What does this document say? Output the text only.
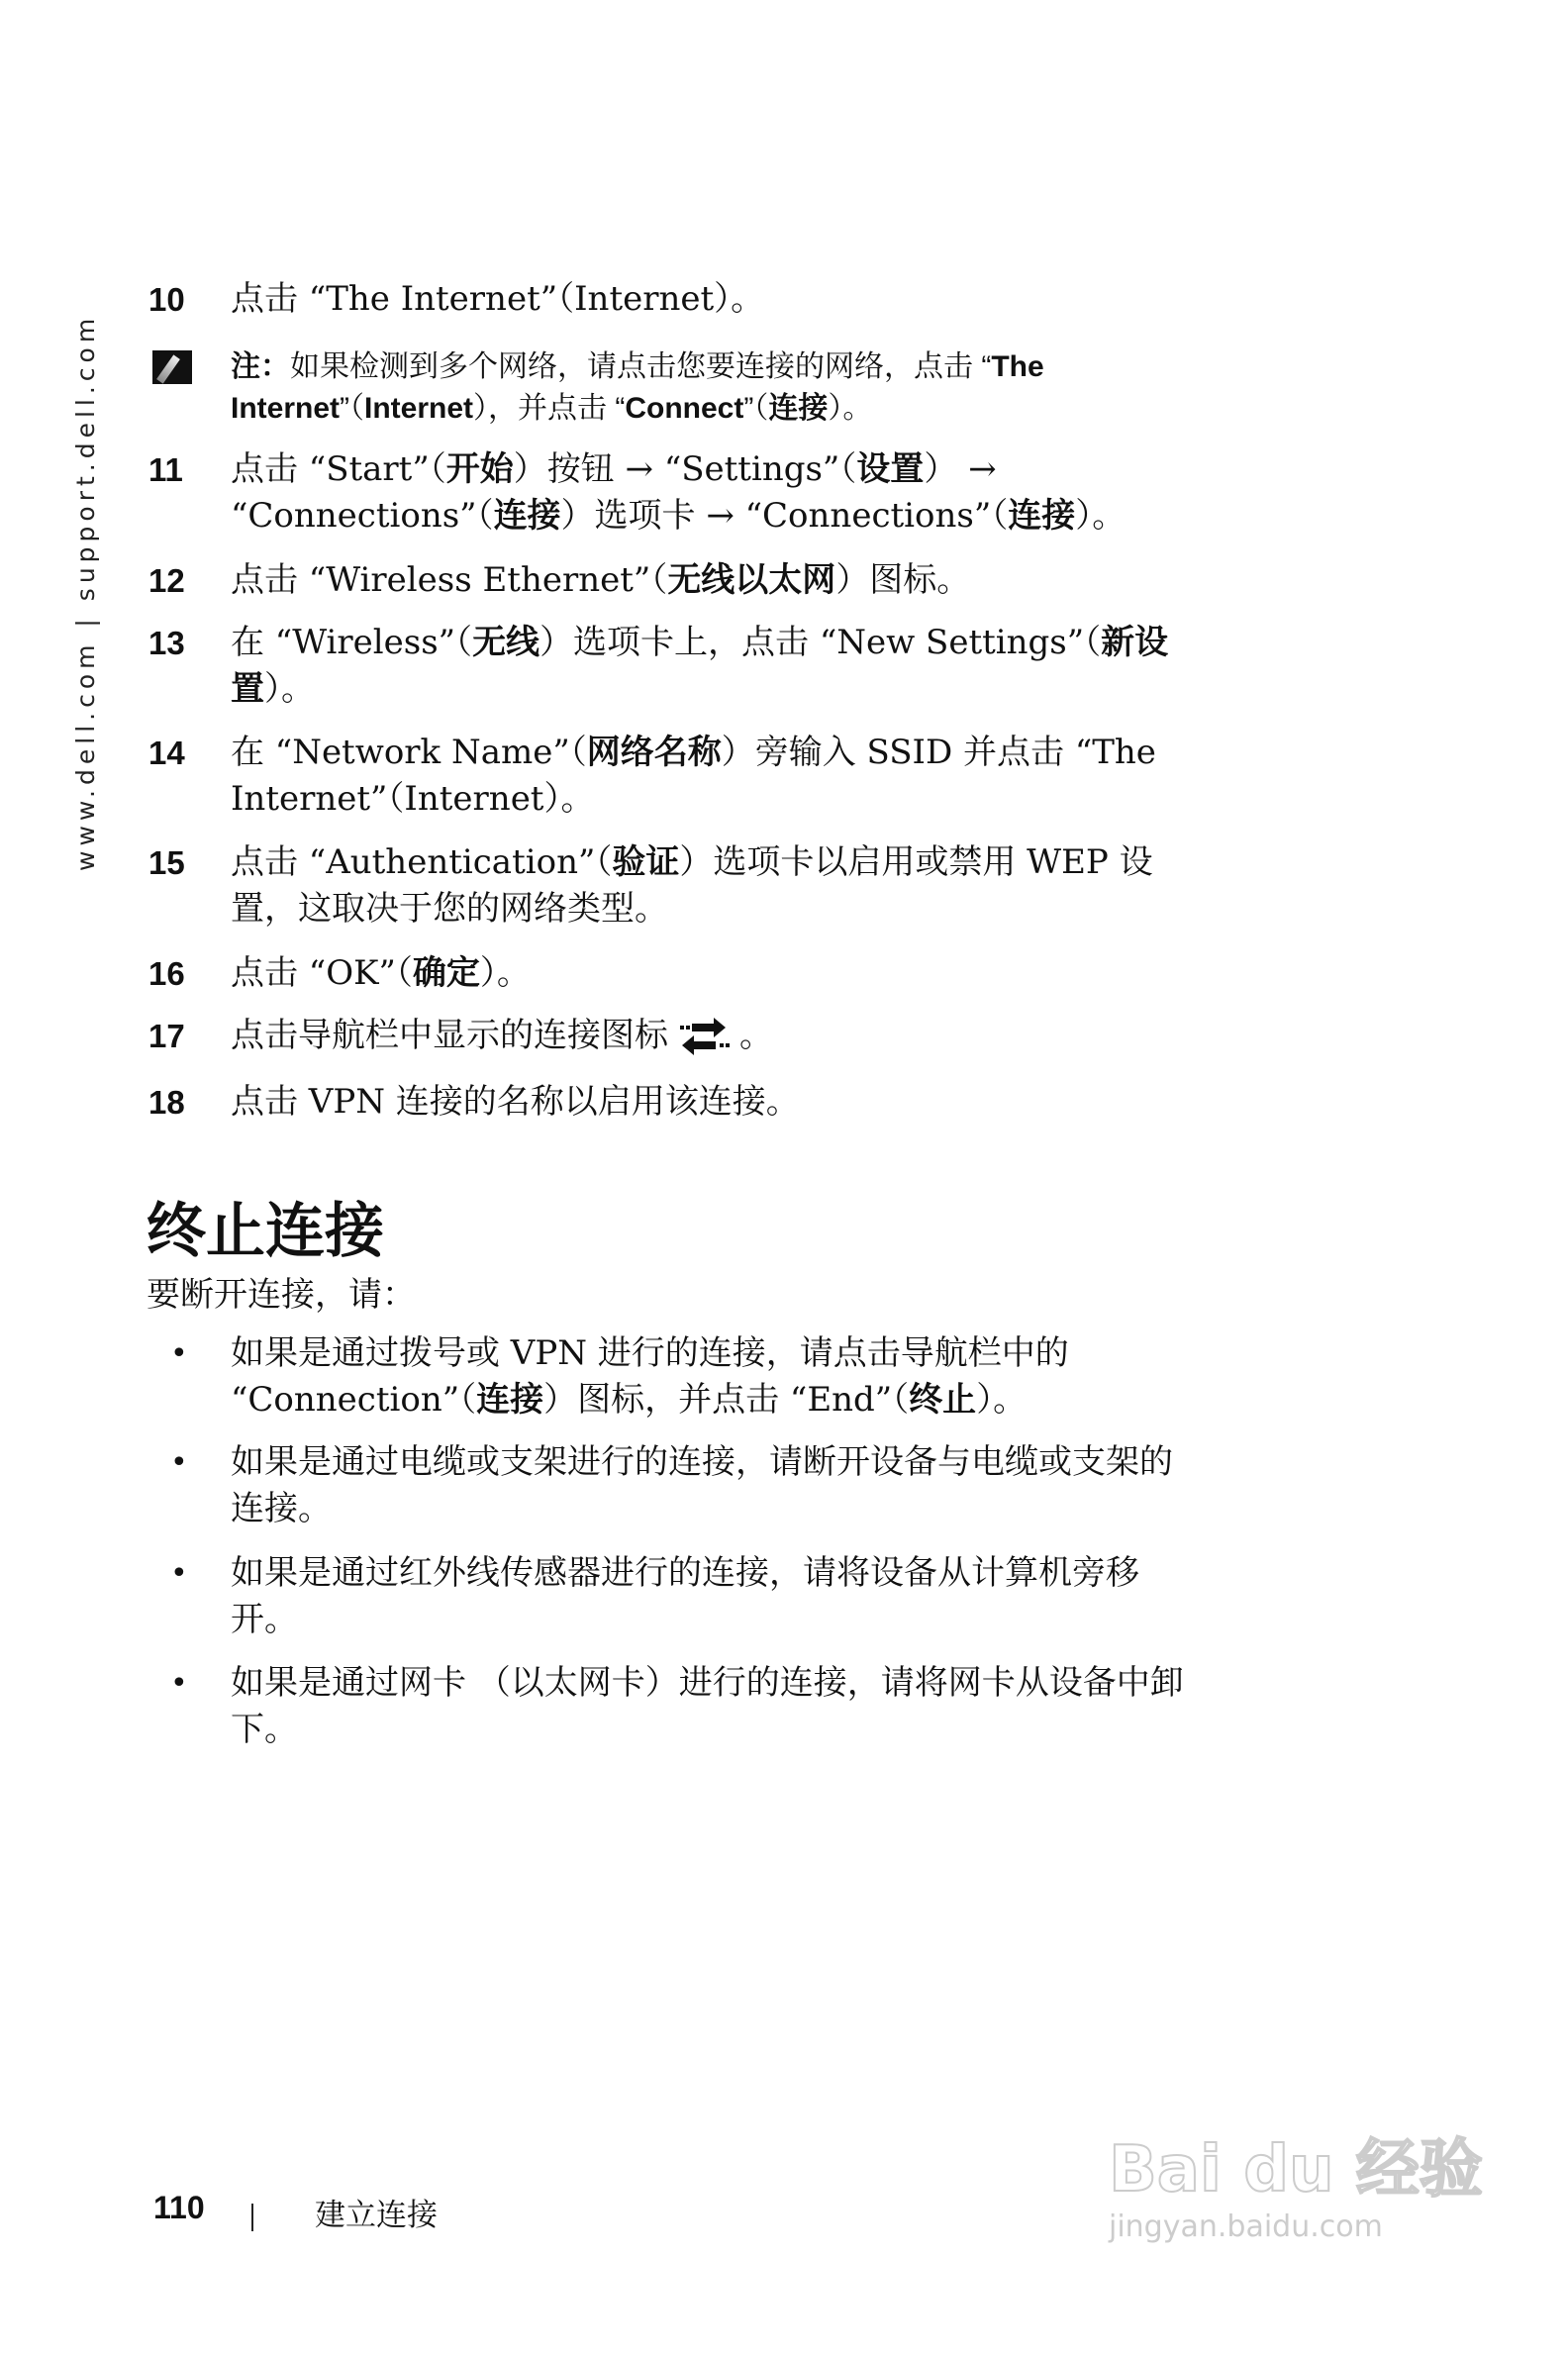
www.dell.com | support.dell.com
10 点击 “The Internet”（Internet）。
注：如果检测到多个网络，请点击您要连接的网络，点击 “The
Internet”（Internet），并点击 “Connect”（连接）。
11 点击 “Start”（开始）按钮 → “Settings”（设置） →
“Connections”（连接）选项卡 → “Connections”（连接）。
12 点击 “Wireless Ethernet”（无线以太网）图标。
13 在 “Wireless”（无线）选项卡上，点击 “New Settings”（新设
置）。
14 在 “Network Name”（网络名称）旁输入 SSID 并点击 “The
Internet”（Internet）。
15 点击 “Authentication”（验证）选项卡以启用或禁用 WEP 设
置，这取决于您的网络类型。
16 点击 “OK”（确定）。
17 点击导航栏中显示的连接图标 。
18 点击 VPN 连接的名称以启用该连接。
终止连接
要断开连接，请：
• 如果是通过拨号或 VPN 进行的连接，请点击导航栏中的
“Connection”（连接）图标，并点击 “End”（终止）。
• 如果是通过电缆或支架进行的连接，请断开设备与电缆或支架的
连接。
• 如果是通过红外线传感器进行的连接，请将设备从计算机旁移
开。
• 如果是通过网卡 （以太网卡）进行的连接，请将网卡从设备中卸
下。
110	建立连接
Bai du 经验
jingyan.baidu.com
